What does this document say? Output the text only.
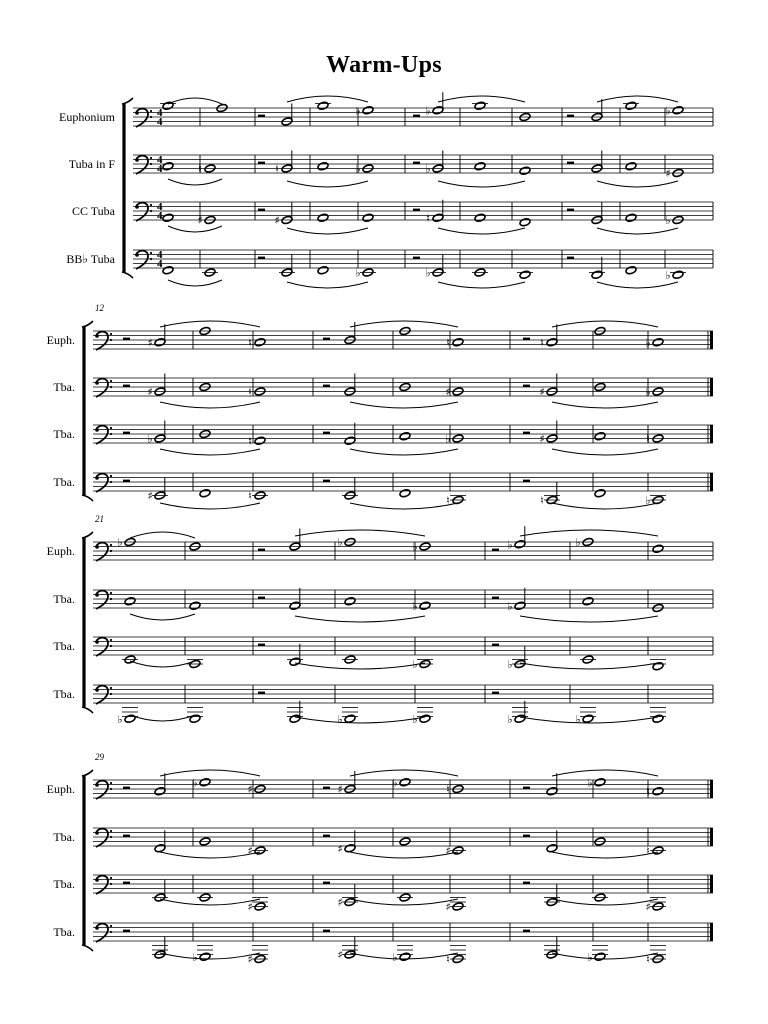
Warm-Ups
Euphonium	4
4
♭	♭	♭
Tuba in F	4
4	♮	♮	♭	♭	♯
CC Tuba	4
4	♯	♯	♮	♭
BB♭ Tuba	4
4
♭	♭	♭
12
Euph.	♯	♮	♮	♮	♭
Tba.	♯	♮	♯	♯	♭
Tba.	♭	♮	♭	♯	♮
Tba.
♯	♮	♮	♮	♭
21
Euph.
♭	♭	♭	♭	♭
Tba.
♭	♭
Tba.
♭	♭
Tba.
♭	♭	♭	♭	♭
29
Euph.	♭
♯	♯
♭
♮
♭
♮
Tba.
♯	♯	♯	♮
Tba.
♯	♯	♯	♯
Tba.
♭	♯	♯	♭	♮	♭	♮
